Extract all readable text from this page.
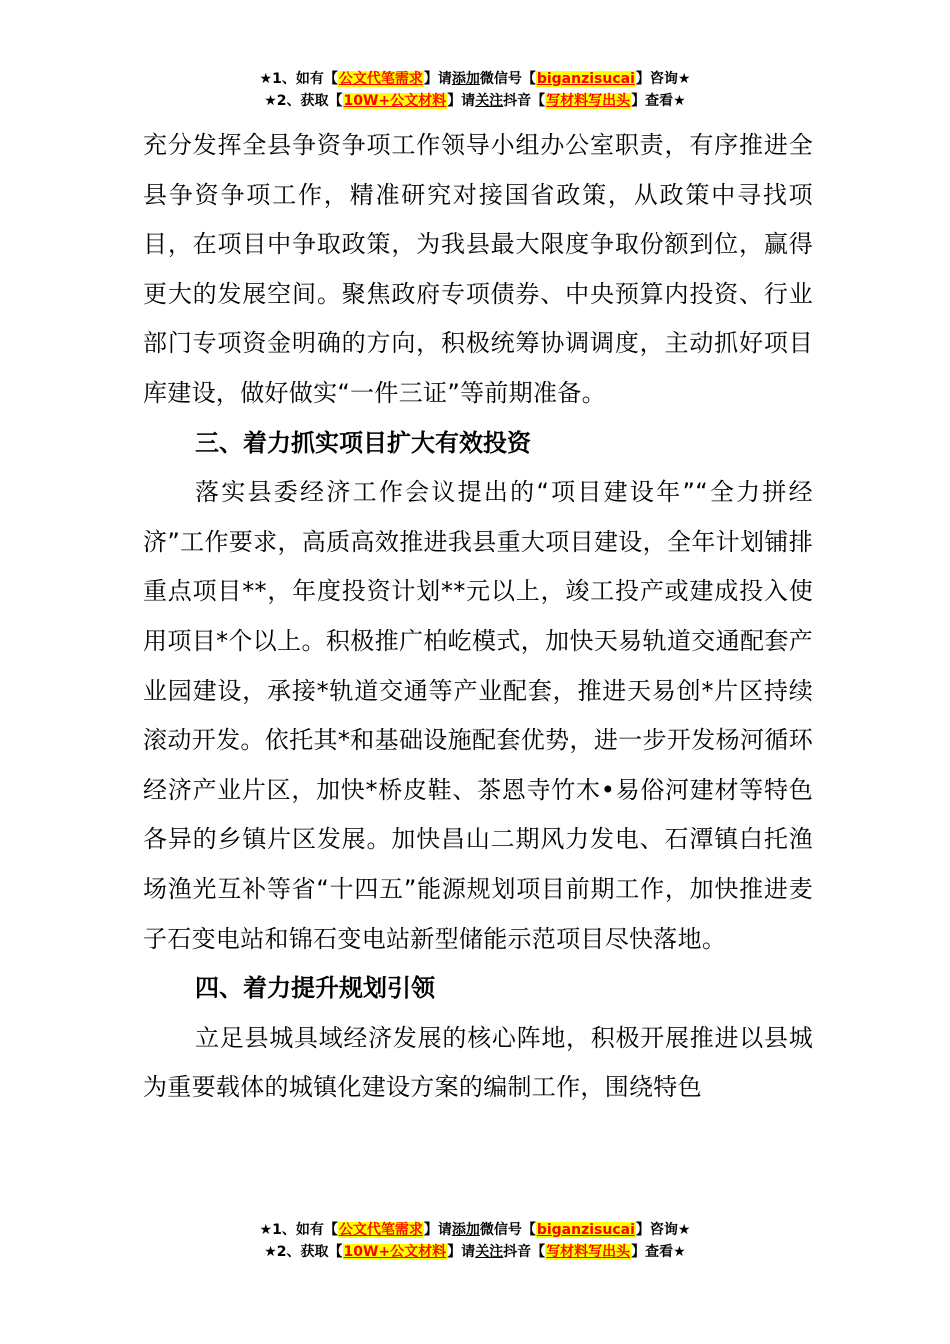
★1、如有【公文代笔需求】请添加微信号【biganzisucai】咨询★
★2、获取【10W+公文材料】请关注抖音【写材料写出头】查看★

充分发挥全县争资争项工作领导小组办公室职责，有序推进全县争资争项工作，精准研究对接国省政策，从政策中寻找项目，在项目中争取政策，为我县最大限度争取份额到位，赢得更大的发展空间。聚焦政府专项债券、中央预算内投资、行业部门专项资金明确的方向，积极统筹协调调度，主动抓好项目库建设，做好做实“一件三证”等前期准备。

三、着力抓实项目扩大有效投资

落实县委经济工作会议提出的“项目建设年”“全力拼经济”工作要求，高质高效推进我县重大项目建设，全年计划铺排重点项目**，年度投资计划**元以上，竣工投产或建成投入使用项目*个以上。积极推广柏屹模式，加快天易轨道交通配套产业园建设，承接*轨道交通等产业配套，推进天易创*片区持续滚动开发。依托其*和基础设施配套优势，进一步开发杨河循环经济产业片区，加快*桥皮鞋、茶恩寺竹木•易俗河建材等特色各异的乡镇片区发展。加快昌山二期风力发电、石潭镇白托渔场渔光互补等省“十四五”能源规划项目前期工作，加快推进麦子石变电站和锦石变电站新型储能示范项目尽快落地。

四、着力提升规划引领

立足县城具域经济发展的核心阵地，积极开展推进以县城为重要载体的城镇化建设方案的编制工作，围绕特色

★1、如有【公文代笔需求】请添加微信号【biganzisucai】咨询★
★2、获取【10W+公文材料】请关注抖音【写材料写出头】查看★
